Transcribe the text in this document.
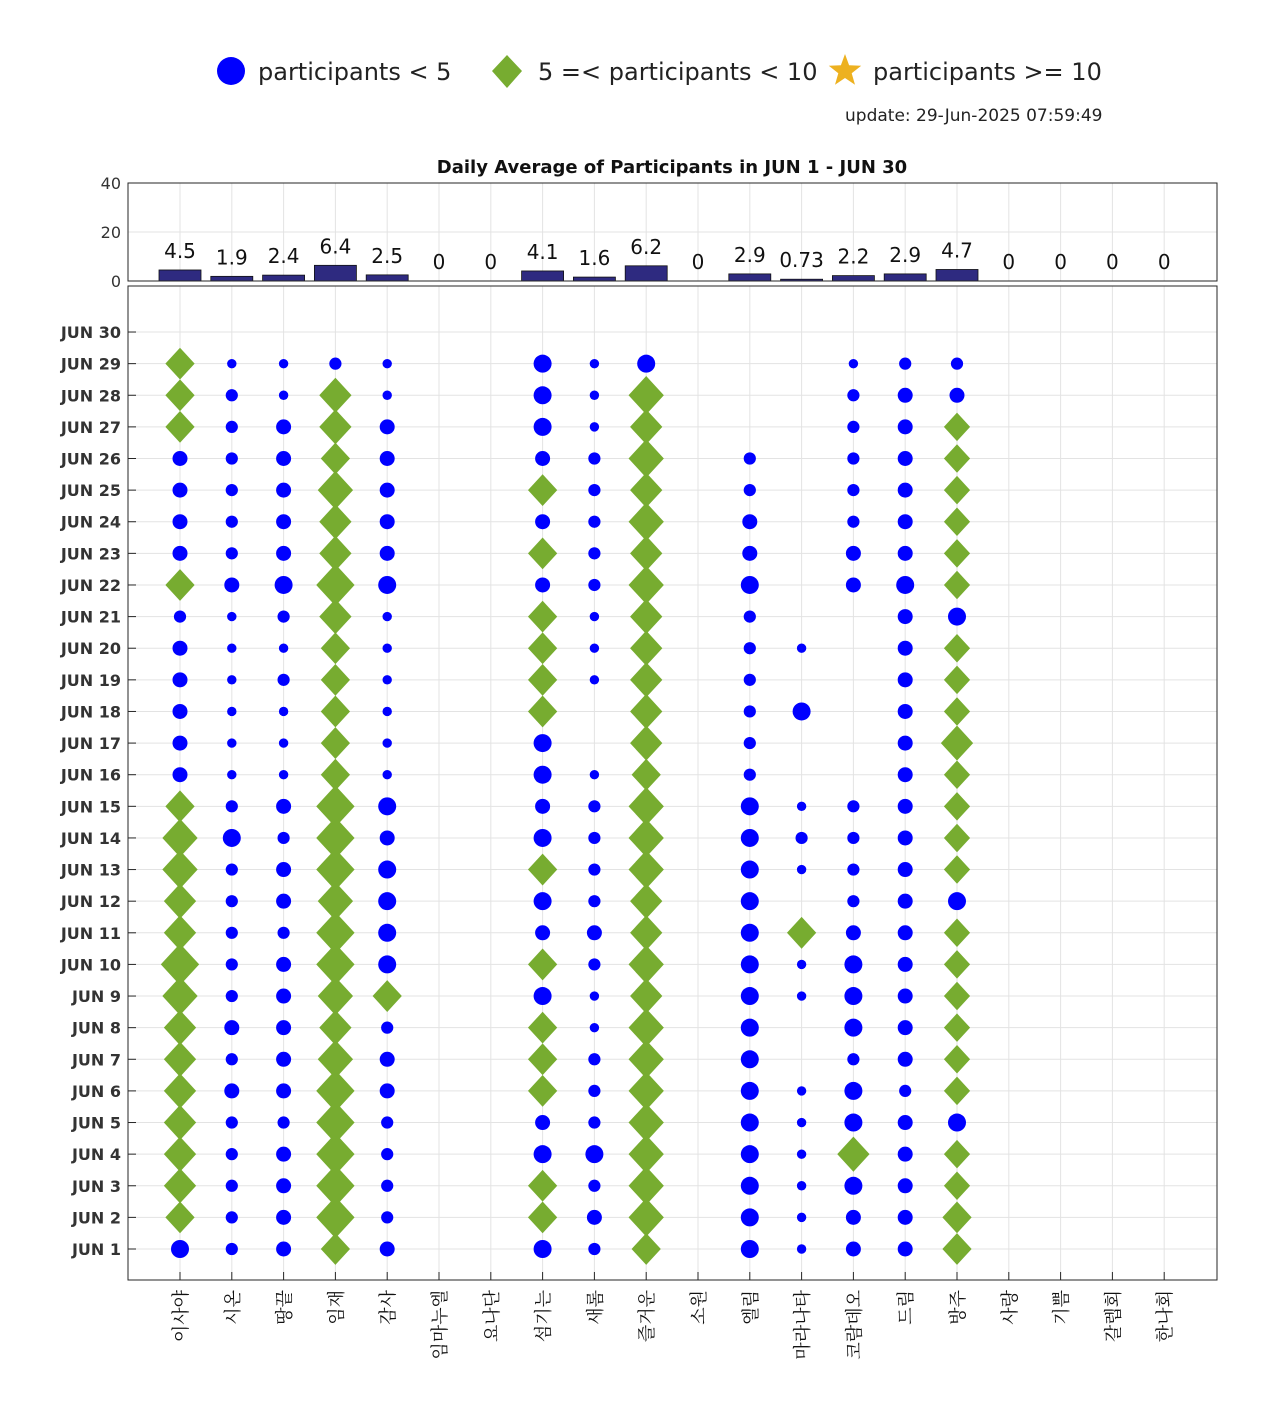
participants < 5	5 =< participants < 10 participants >= 10
update: 29-Jun-2025 07:59:49
Daily Average of Participants in JUN 1 - JUN 30
0
20
40
4.5 1.9 2.4 6.4 2.5 0 0 4.1 1.6 6.2
0 2.9 0.73 2.2 2.9 4.7 0 0 0 0
JUN 1
JUN 2
JUN 3
JUN 4
JUN 5
JUN 6
JUN 7
JUN 8
JUN 9
JUN 10
JUN 11
JUN 12
JUN 13
JUN 14
JUN 15
JUN 16
JUN 17
JUN 18
JUN 19
JUN 20
JUN 21
JUN 22
JUN 23
JUN 24
JUN 25
JUN 26
JUN 27
JUN 28
JUN 29
JUN 30
이사야 시온 땅끝 임재 감사 임마누엘 요나단 섬기는 새롬 즐거운 소원 엘림 마라나타 코람데오 드림 방주 사랑 기쁨 갈렙회 한나회
